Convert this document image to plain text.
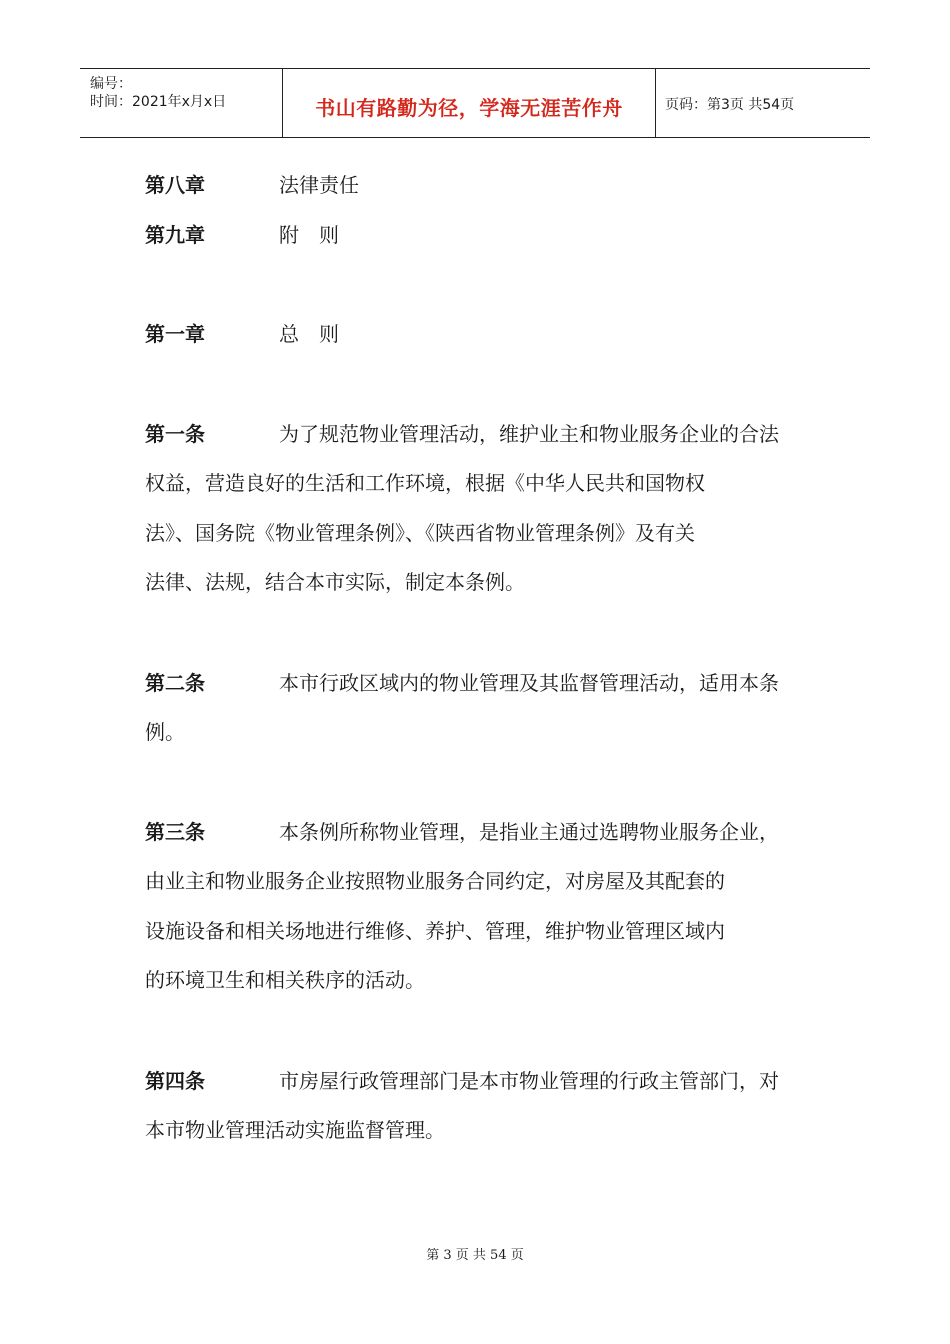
编号：
时间：2021年x月x日	书山有路勤为径，学海无涯苦作舟	页码：第3页 共54页
第八章	法律责任
第九章	附　则
第一章	总　则
第一条	为了规范物业管理活动，维护业主和物业服务企业的合法
权益，营造良好的生活和工作环境，根据《中华人民共和国物权
法》、国务院《物业管理条例》、《陕西省物业管理条例》及有关
法律、法规，结合本市实际，制定本条例。
第二条	本市行政区域内的物业管理及其监督管理活动，适用本条
例。
第三条	本条例所称物业管理，是指业主通过选聘物业服务企业，
由业主和物业服务企业按照物业服务合同约定，对房屋及其配套的
设施设备和相关场地进行维修、养护、管理，维护物业管理区域内
的环境卫生和相关秩序的活动。
第四条	市房屋行政管理部门是本市物业管理的行政主管部门，对
本市物业管理活动实施监督管理。
第 3 页 共 54 页
